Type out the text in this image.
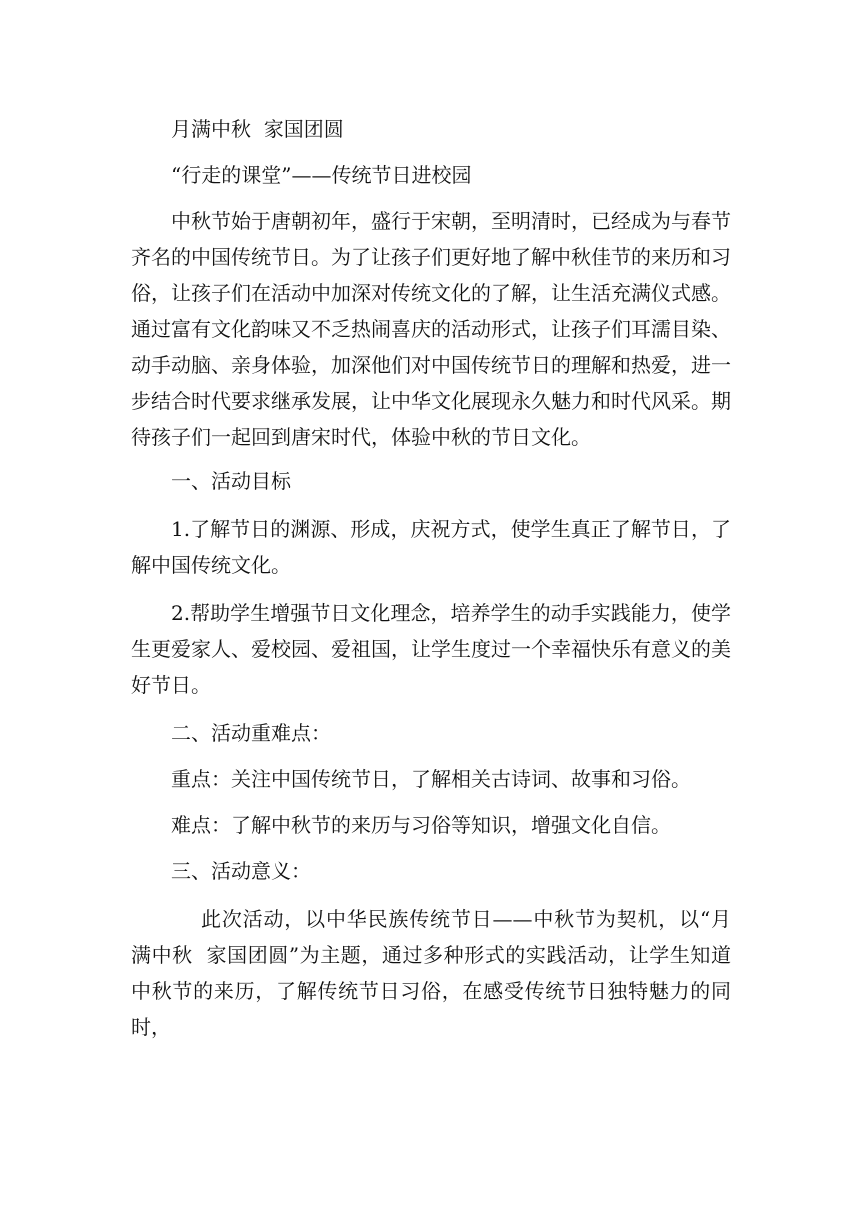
月满中秋  家国团圆
“行走的课堂”——传统节日进校园

中秋节始于唐朝初年，盛行于宋朝，至明清时，已经成为与春节齐名的中国传统节日。为了让孩子们更好地了解中秋佳节的来历和习俗，让孩子们在活动中加深对传统文化的了解，让生活充满仪式感。通过富有文化韵味又不乏热闹喜庆的活动形式，让孩子们耳濡目染、动手动脑、亲身体验，加深他们对中国传统节日的理解和热爱，进一步结合时代要求继承发展，让中华文化展现永久魅力和时代风采。期待孩子们一起回到唐宋时代，体验中秋的节日文化。

一、活动目标

1.了解节日的渊源、形成，庆祝方式，使学生真正了解节日，了解中国传统文化。

2.帮助学生增强节日文化理念，培养学生的动手实践能力，使学生更爱家人、爱校园、爱祖国，让学生度过一个幸福快乐有意义的美好节日。

二、活动重难点：
重点：关注中国传统节日，了解相关古诗词、故事和习俗。
难点：了解中秋节的来历与习俗等知识，增强文化自信。
三、活动意义：

此次活动，以中华民族传统节日——中秋节为契机，以“月满中秋  家国团圆”为主题，通过多种形式的实践活动，让学生知道中秋节的来历，了解传统节日习俗，在感受传统节日独特魅力的同时，
